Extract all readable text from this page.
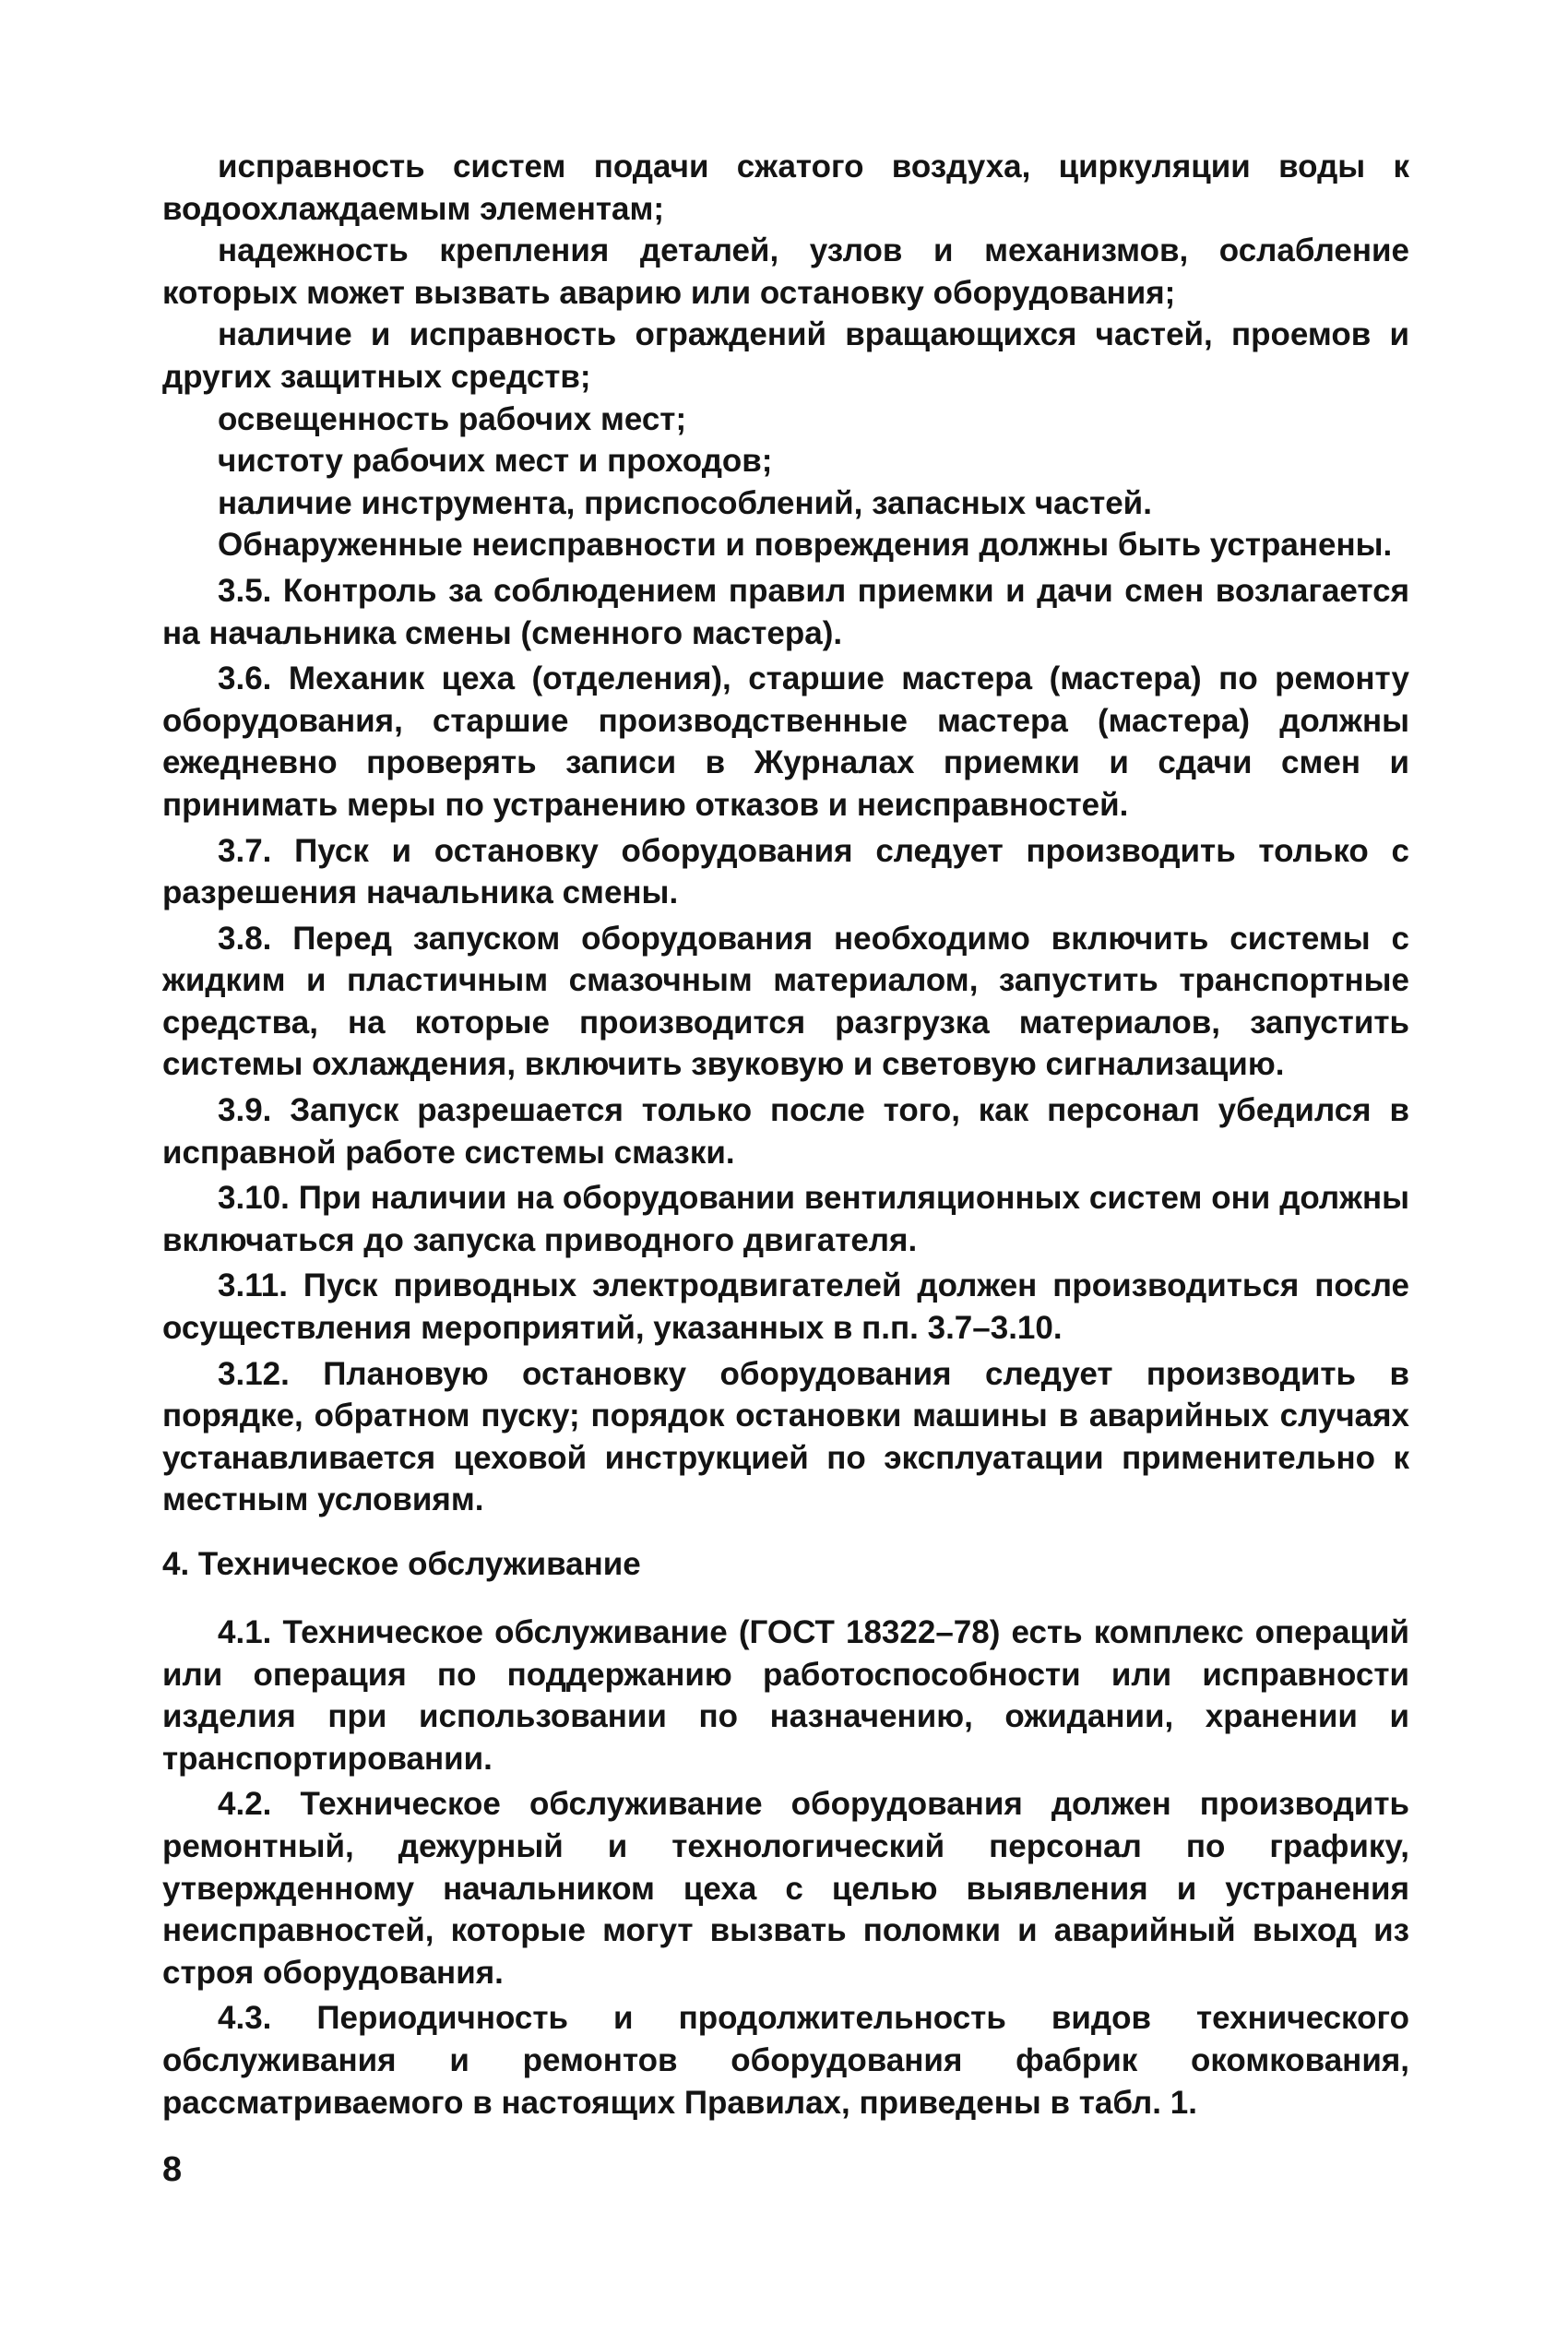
исправность систем подачи сжатого воздуха, циркуляции воды к водоохлаждаемым элементам;

надежность крепления деталей, узлов и механизмов, ослабление которых может вызвать аварию или остановку оборудования;

наличие и исправность ограждений вращающихся частей, проемов и других защитных средств;

освещенность рабочих мест;

чистоту рабочих мест и проходов;

наличие инструмента, приспособлений, запасных частей.

Обнаруженные неисправности и повреждения должны быть устранены.

3.5. Контроль за соблюдением правил приемки и дачи смен возлагается на начальника смены (сменного мастера).

3.6. Механик цеха (отделения), старшие мастера (мастера) по ремонту оборудования, старшие производственные мастера (мастера) должны ежедневно проверять записи в Журналах приемки и сдачи смен и принимать меры по устранению отказов и неисправностей.

3.7. Пуск и остановку оборудования следует производить только с разрешения начальника смены.

3.8. Перед запуском оборудования необходимо включить системы с жидким и пластичным смазочным материалом, запустить транспортные средства, на которые производится разгрузка материалов, запустить системы охлаждения, включить звуковую и световую сигнализацию.

3.9. Запуск разрешается только после того, как персонал убедился в исправной работе системы смазки.

3.10. При наличии на оборудовании вентиляционных систем они должны включаться до запуска приводного двигателя.

3.11. Пуск приводных электродвигателей должен производиться после осуществления мероприятий, указанных в п.п. 3.7–3.10.

3.12. Плановую остановку оборудования следует производить в порядке, обратном пуску; порядок остановки машины в аварийных случаях устанавливается цеховой инструкцией по эксплуатации применительно к местным условиям.

4. Техническое обслуживание

4.1. Техническое обслуживание (ГОСТ 18322–78) есть комплекс операций или операция по поддержанию работоспособности или исправности изделия при использовании по назначению, ожидании, хранении и транспортировании.

4.2. Техническое обслуживание оборудования должен производить ремонтный, дежурный и технологический персонал по графику, утвержденному начальником цеха с целью выявления и устранения неисправностей, которые могут вызвать поломки и аварийный выход из строя оборудования.

4.3. Периодичность и продолжительность видов технического обслуживания и ремонтов оборудования фабрик окомкования, рассматриваемого в настоящих Правилах, приведены в табл. 1.

8
